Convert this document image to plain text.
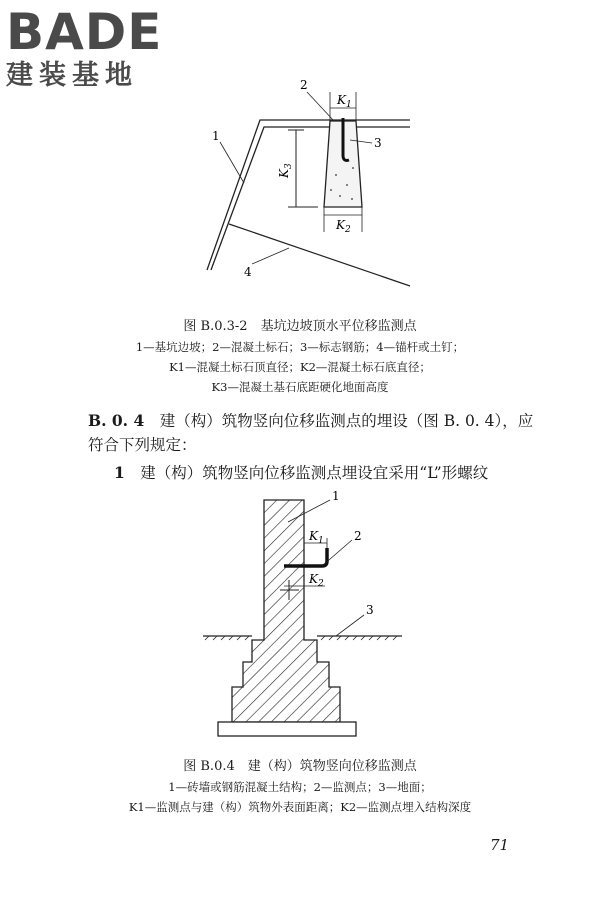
BADE
建装基地
$K_3$
$K_1$
$K_2$
2
1	3
4
图 B.0.3-2　基坑边坡顶水平位移监测点
1—基坑边坡；2—混凝土标石；3—标志钢筋；4—锚杆或土钉；
K1—混凝土标石顶直径；K2—混凝土标石底直径；
K3—混凝土基石底距硬化地面高度
B. 0. 4　建（构）筑物竖向位移监测点的埋设（图 B. 0. 4），应
符合下列规定：
1　建（构）筑物竖向位移监测点埋设宜采用“L”形螺纹
$K_1$
$K_2$
1
2
3
图 B.0.4　建（构）筑物竖向位移监测点
1—砖墙或钢筋混凝土结构；2—监测点；3—地面；
K1—监测点与建（构）筑物外表面距离；K2—监测点埋入结构深度
71
